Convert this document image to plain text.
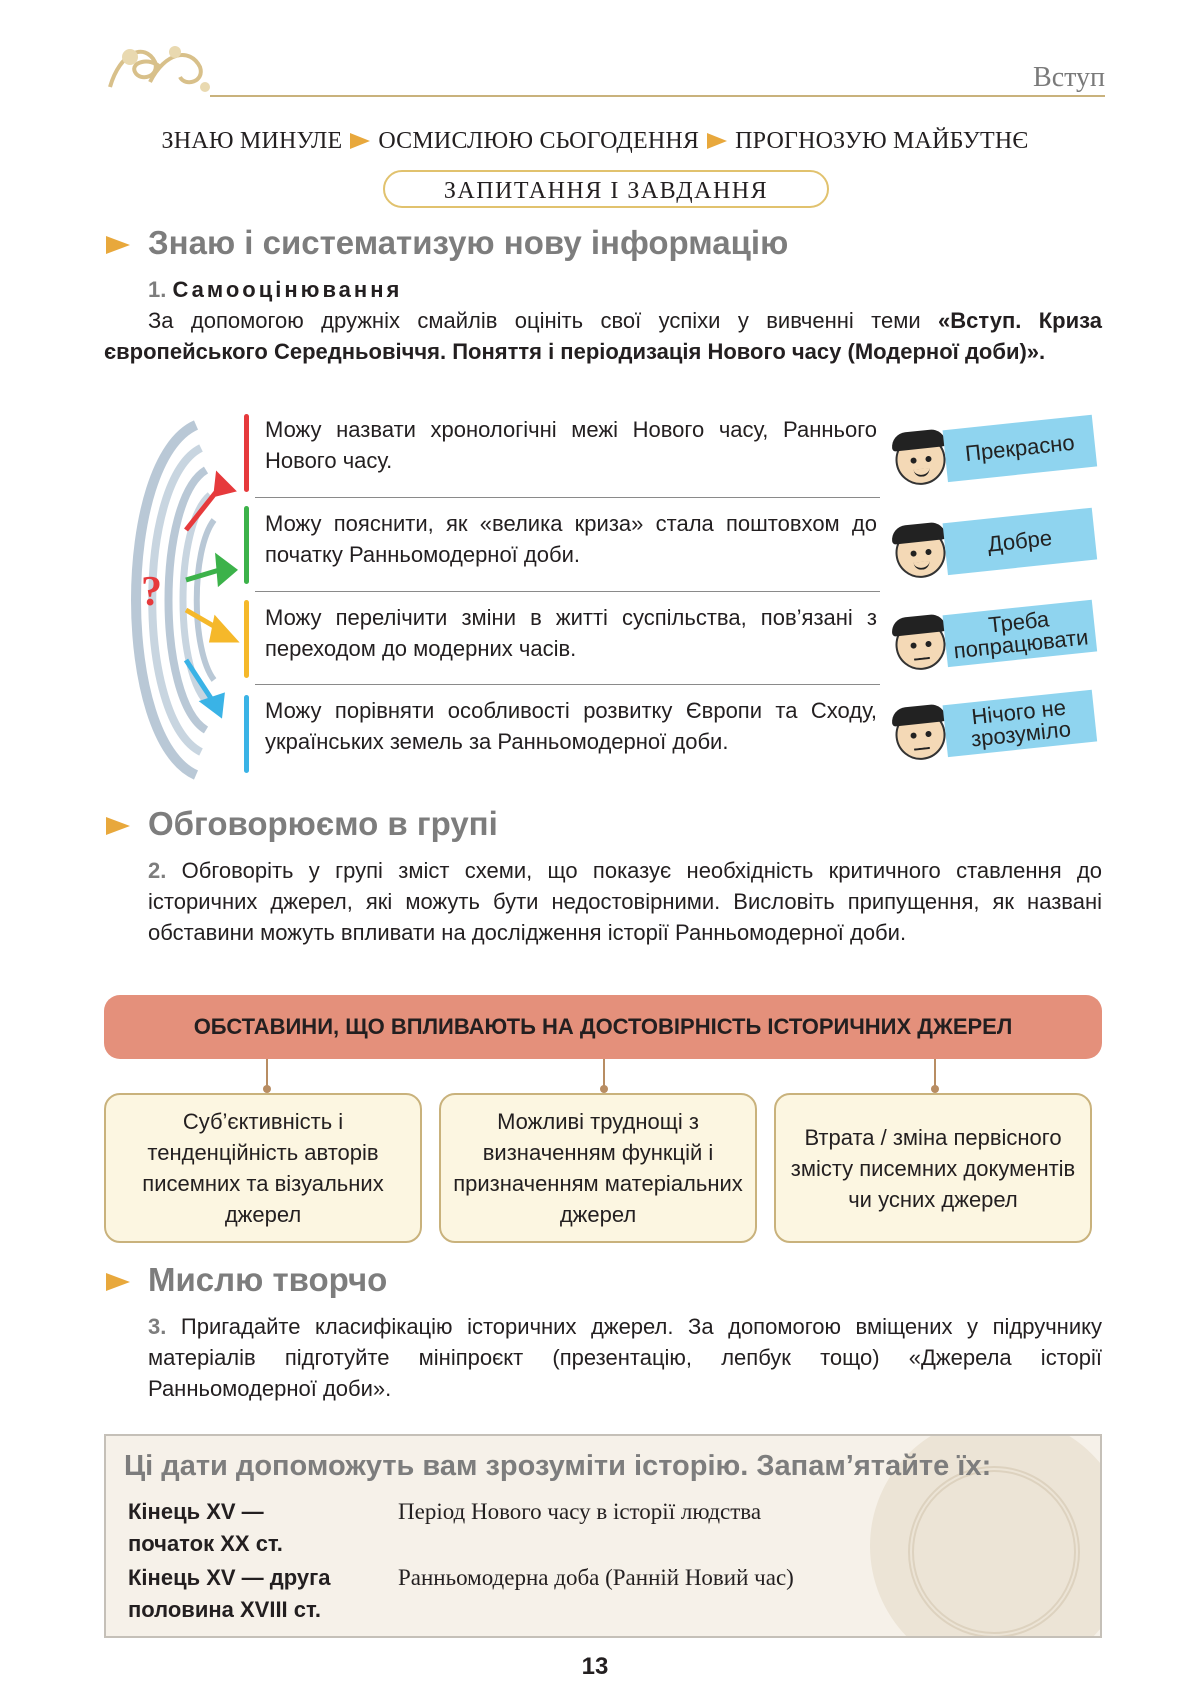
Вступ
ЗНАЮ МИНУЛЕ ОСМИСЛЮЮ СЬОГОДЕННЯ ПРОГНОЗУЮ МАЙБУТНЄ
ЗАПИТАННЯ І ЗАВДАННЯ
Знаю і систематизую нову інформацію
1. Самооцінювання
За допомогою дружніх смайлів оцініть свої успіхи у вивченні теми «Вступ. Криза європейського Середньовіччя. Поняття і періодизація Нового часу (Модерної доби)».
?
Можу назвати хронологічні межі Нового часу, Раннього Нового часу.
Можу пояснити, як «велика криза» стала поштовхом до початку Ранньомодерної доби.
Можу перелічити зміни в житті суспільства, пов’язані з переходом до модерних часів.
Можу порівняти особливості розвитку Європи та Сходу, українських земель за Ранньомодерної доби.
Прекрасно
Добре
Треба попрацювати
Нічого не зрозуміло
Обговорюємо в групі
2. Обговоріть у групі зміст схеми, що показує необхідність критичного ставлення до історичних джерел, які можуть бути недостовірними. Висловіть припущення, як названі обставини можуть впливати на дослідження історії Ранньомодерної доби.
ОБСТАВИНИ, ЩО ВПЛИВАЮТЬ НА ДОСТОВІРНІСТЬ ІСТОРИЧНИХ ДЖЕРЕЛ
Суб’єктивність і тенденційність авторів писемних та візуальних джерел
Можливі труднощі з визначенням функцій і призначенням матеріальних джерел
Втрата / зміна первісного змісту писемних документів чи усних джерел
Мислю творчо
3. Пригадайте класифікацію історичних джерел. За допомогою вміщених у підручнику матеріалів підготуйте мініпроєкт (презентацію, лепбук тощо) «Джерела історії Ранньомодерної доби».
Ці дати допоможуть вам зрозуміти історію. Запам’ятайте їх:
Кінець XV —
початок XX ст.
Період Нового часу в історії людства
Кінець XV — друга
половина XVIII ст.
Ранньомодерна доба (Ранній Новий час)
13
